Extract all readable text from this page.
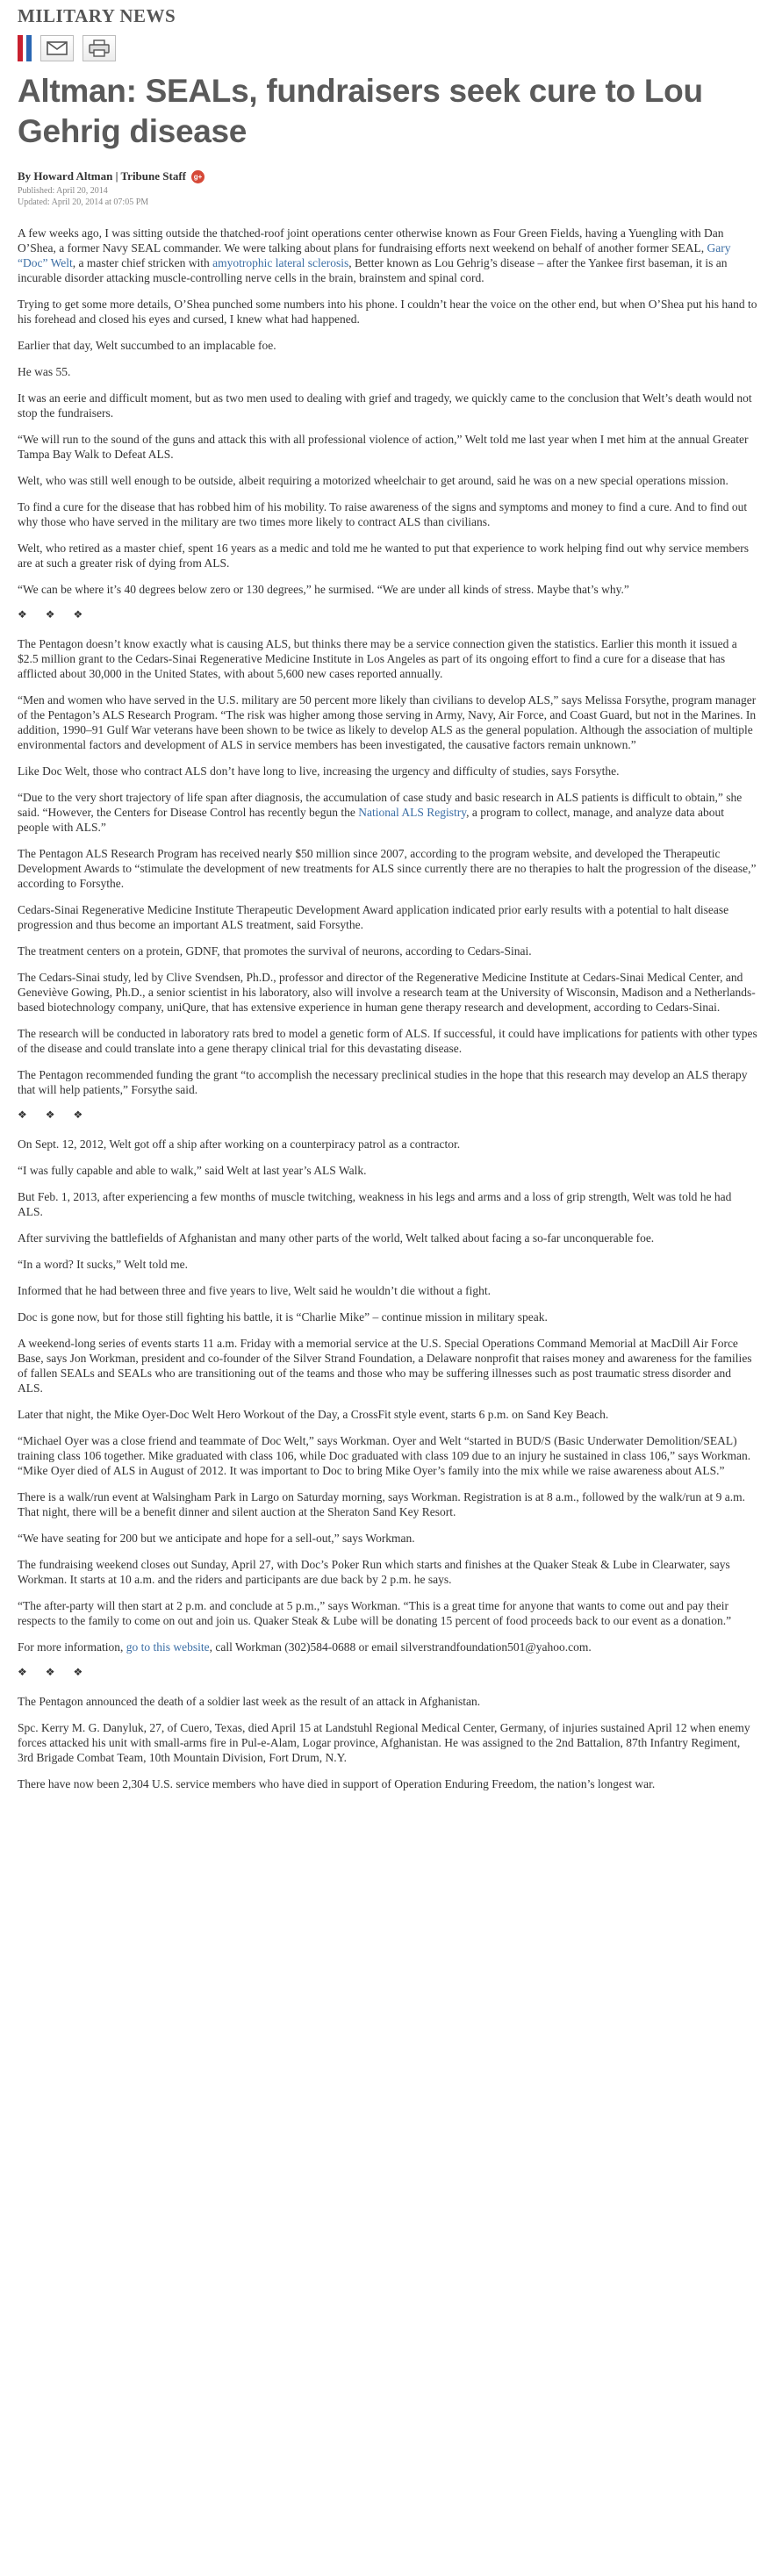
MILITARY NEWS
Altman: SEALs, fundraisers seek cure to Lou Gehrig disease
By Howard Altman | Tribune Staff	g+
Published: April 20, 2014
Updated: April 20, 2014 at 07:05 PM

A few weeks ago, I was sitting outside the thatched-roof joint operations center otherwise known as Four Green Fields, having a Yuengling with Dan O’Shea, a former Navy SEAL commander. We were talking about plans for fundraising efforts next weekend on behalf of another former SEAL, Gary “Doc” Welt, a master chief stricken with amyotrophic lateral sclerosis, Better known as Lou Gehrig’s disease – after the Yankee first baseman, it is an incurable disorder attacking muscle-controlling nerve cells in the brain, brainstem and spinal cord.

Trying to get some more details, O’Shea punched some numbers into his phone. I couldn’t hear the voice on the other end, but when O’Shea put his hand to his forehead and closed his eyes and cursed, I knew what had happened.

Earlier that day, Welt succumbed to an implacable foe.

He was 55.

It was an eerie and difficult moment, but as two men used to dealing with grief and tragedy, we quickly came to the conclusion that Welt’s death would not stop the fundraisers.

“We will run to the sound of the guns and attack this with all professional violence of action,” Welt told me last year when I met him at the annual Greater Tampa Bay Walk to Defeat ALS.

Welt, who was still well enough to be outside, albeit requiring a motorized wheelchair to get around, said he was on a new special operations mission.

To find a cure for the disease that has robbed him of his mobility. To raise awareness of the signs and symptoms and money to find a cure. And to find out why those who have served in the military are two times more likely to contract ALS than civilians.

Welt, who retired as a master chief, spent 16 years as a medic and told me he wanted to put that experience to work helping find out why service members are at such a greater risk of dying from ALS.

“We can be where it’s 40 degrees below zero or 130 degrees,” he surmised. “We are under all kinds of stress. Maybe that’s why.”

❖ ❖ ❖

The Pentagon doesn’t know exactly what is causing ALS, but thinks there may be a service connection given the statistics. Earlier this month it issued a $2.5 million grant to the Cedars-Sinai Regenerative Medicine Institute in Los Angeles as part of its ongoing effort to find a cure for a disease that has afflicted about 30,000 in the United States, with about 5,600 new cases reported annually.

“Men and women who have served in the U.S. military are 50 percent more likely than civilians to develop ALS,” says Melissa Forsythe, program manager of the Pentagon’s ALS Research Program. “The risk was higher among those serving in Army, Navy, Air Force, and Coast Guard, but not in the Marines. In addition, 1990–91 Gulf War veterans have been shown to be twice as likely to develop ALS as the general population. Although the association of multiple environmental factors and development of ALS in service members has been investigated, the causative factors remain unknown.”

Like Doc Welt, those who contract ALS don’t have long to live, increasing the urgency and difficulty of studies, says Forsythe.

“Due to the very short trajectory of life span after diagnosis, the accumulation of case study and basic research in ALS patients is difficult to obtain,” she said. “However, the Centers for Disease Control has recently begun the National ALS Registry, a program to collect, manage, and analyze data about people with ALS.”

The Pentagon ALS Research Program has received nearly $50 million since 2007, according to the program website, and developed the Therapeutic Development Awards to “stimulate the development of new treatments for ALS since currently there are no therapies to halt the progression of the disease,” according to Forsythe.

Cedars-Sinai Regenerative Medicine Institute Therapeutic Development Award application indicated prior early results with a potential to halt disease progression and thus become an important ALS treatment, said Forsythe.

The treatment centers on a protein, GDNF, that promotes the survival of neurons, according to Cedars-Sinai.

The Cedars-Sinai study, led by Clive Svendsen, Ph.D., professor and director of the Regenerative Medicine Institute at Cedars-Sinai Medical Center, and Geneviève Gowing, Ph.D., a senior scientist in his laboratory, also will involve a research team at the University of Wisconsin, Madison and a Netherlands-based biotechnology company, uniQure, that has extensive experience in human gene therapy research and development, according to Cedars-Sinai.

The research will be conducted in laboratory rats bred to model a genetic form of ALS. If successful, it could have implications for patients with other types of the disease and could translate into a gene therapy clinical trial for this devastating disease.

The Pentagon recommended funding the grant “to accomplish the necessary preclinical studies in the hope that this research may develop an ALS therapy that will help patients,” Forsythe said.

❖ ❖ ❖

On Sept. 12, 2012, Welt got off a ship after working on a counterpiracy patrol as a contractor.

“I was fully capable and able to walk,” said Welt at last year’s ALS Walk.

But Feb. 1, 2013, after experiencing a few months of muscle twitching, weakness in his legs and arms and a loss of grip strength, Welt was told he had ALS.

After surviving the battlefields of Afghanistan and many other parts of the world, Welt talked about facing a so-far unconquerable foe.

“In a word? It sucks,” Welt told me.

Informed that he had between three and five years to live, Welt said he wouldn’t die without a fight.

Doc is gone now, but for those still fighting his battle, it is “Charlie Mike” – continue mission in military speak.

A weekend-long series of events starts 11 a.m. Friday with a memorial service at the U.S. Special Operations Command Memorial at MacDill Air Force Base, says Jon Workman, president and co-founder of the Silver Strand Foundation, a Delaware nonprofit that raises money and awareness for the families of fallen SEALs and SEALs who are transitioning out of the teams and those who may be suffering illnesses such as post traumatic stress disorder and ALS.

Later that night, the Mike Oyer-Doc Welt Hero Workout of the Day, a CrossFit style event, starts 6 p.m. on Sand Key Beach.

“Michael Oyer was a close friend and teammate of Doc Welt,” says Workman. Oyer and Welt “started in BUD/S (Basic Underwater Demolition/SEAL) training class 106 together. Mike graduated with class 106, while Doc graduated with class 109 due to an injury he sustained in class 106,” says Workman. “Mike Oyer died of ALS in August of 2012. It was important to Doc to bring Mike Oyer’s family into the mix while we raise awareness about ALS.”

There is a walk/run event at Walsingham Park in Largo on Saturday morning, says Workman. Registration is at 8 a.m., followed by the walk/run at 9 a.m. That night, there will be a benefit dinner and silent auction at the Sheraton Sand Key Resort.

“We have seating for 200 but we anticipate and hope for a sell-out,” says Workman.

The fundraising weekend closes out Sunday, April 27, with Doc’s Poker Run which starts and finishes at the Quaker Steak & Lube in Clearwater, says Workman. It starts at 10 a.m. and the riders and participants are due back by 2 p.m. he says.

“The after-party will then start at 2 p.m. and conclude at 5 p.m.,” says Workman. “This is a great time for anyone that wants to come out and pay their respects to the family to come on out and join us. Quaker Steak & Lube will be donating 15 percent of food proceeds back to our event as a donation.”

For more information, go to this website, call Workman (302)584-0688 or email silverstrandfoundation501@yahoo.com.

❖ ❖ ❖

The Pentagon announced the death of a soldier last week as the result of an attack in Afghanistan.

Spc. Kerry M. G. Danyluk, 27, of Cuero, Texas, died April 15 at Landstuhl Regional Medical Center, Germany, of injuries sustained April 12 when enemy forces attacked his unit with small-arms fire in Pul-e-Alam, Logar province, Afghanistan. He was assigned to the 2nd Battalion, 87th Infantry Regiment, 3rd Brigade Combat Team, 10th Mountain Division, Fort Drum, N.Y.

There have now been 2,304 U.S. service members who have died in support of Operation Enduring Freedom, the nation’s longest war.
